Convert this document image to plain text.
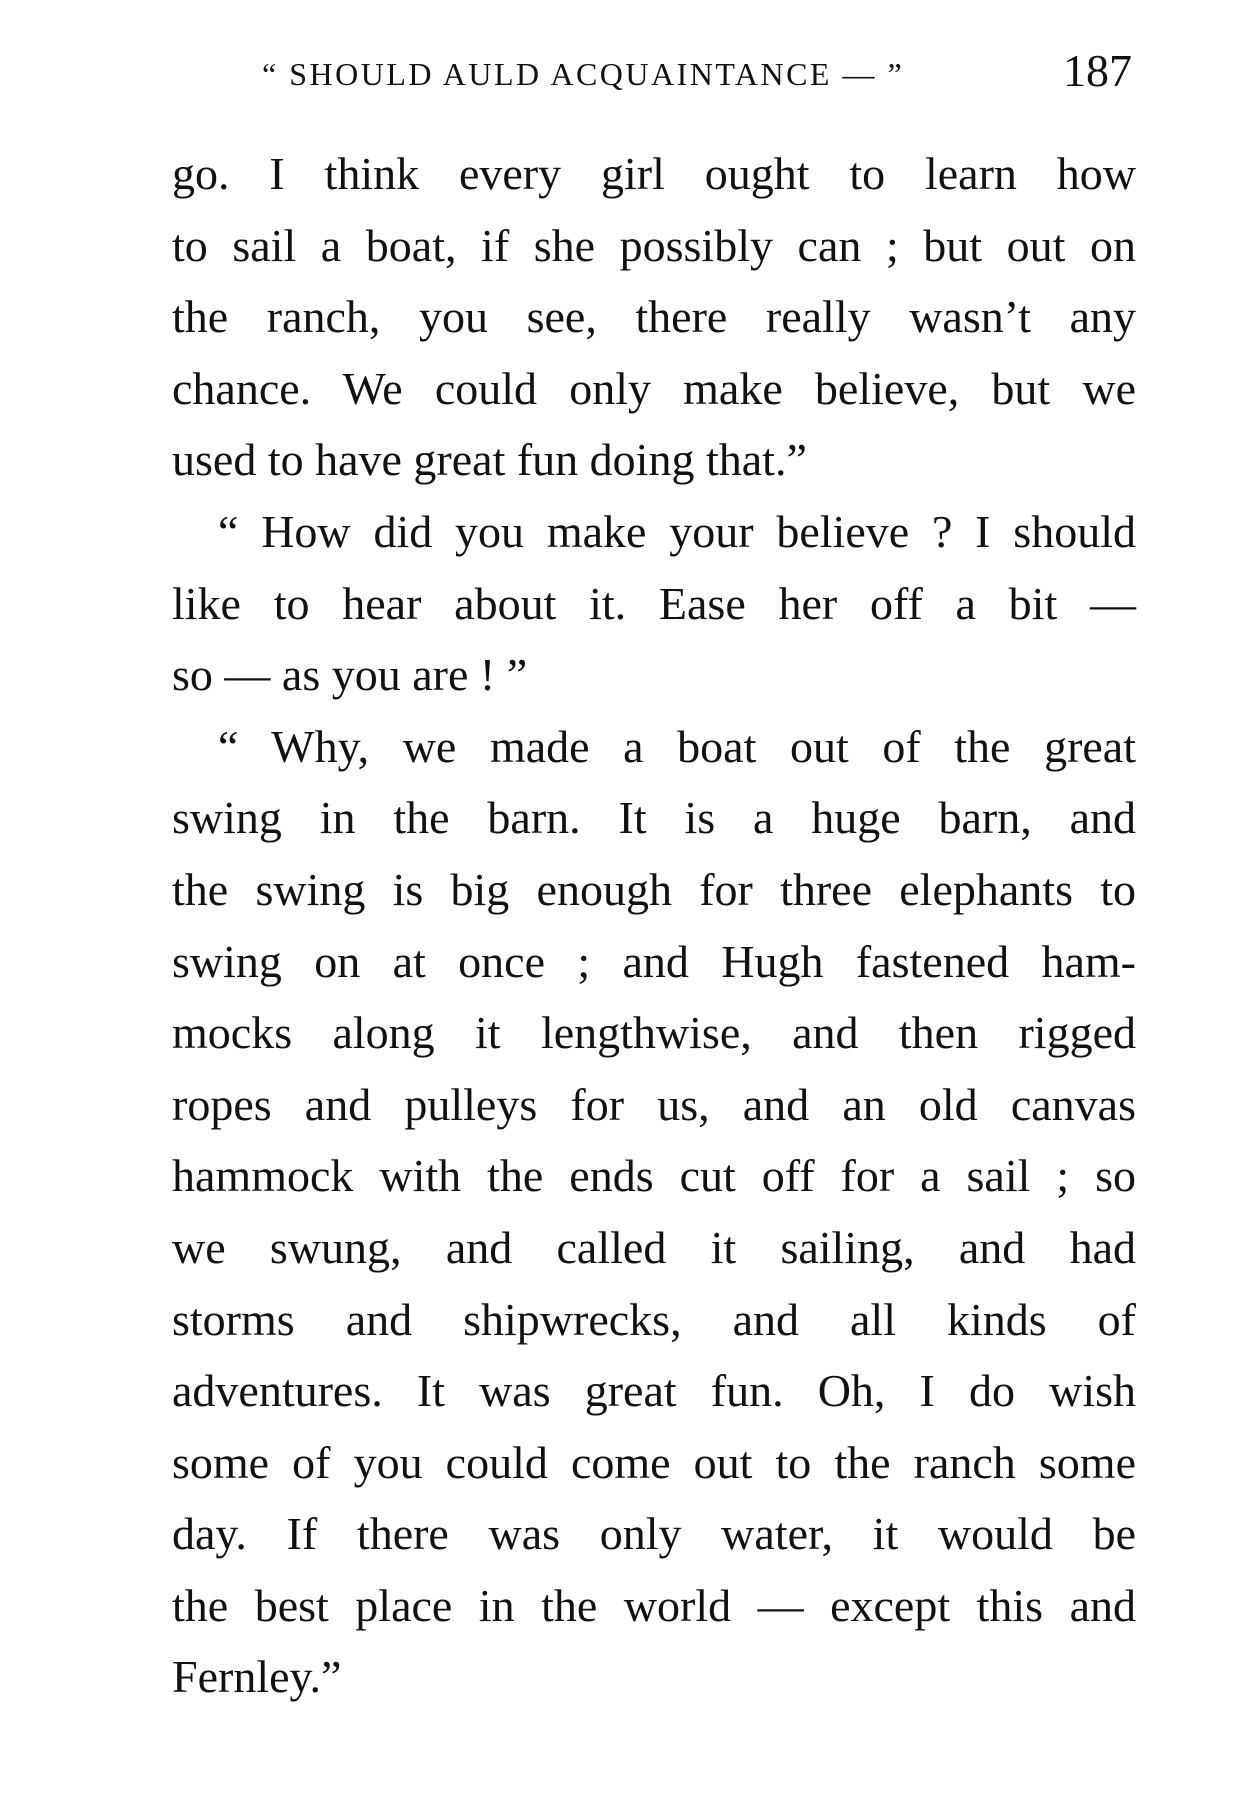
“ SHOULD AULD ACQUAINTANCE — ”	187
go. I think every girl ought to learn how
to sail a boat, if she possibly can ; but out on
the ranch, you see, there really wasn’t any
chance. We could only make believe, but we
used to have great fun doing that.”
“ How did you make your believe ? I should
like to hear about it. Ease her off a bit —
so — as you are ! ”
“ Why, we made a boat out of the great
swing in the barn. It is a huge barn, and
the swing is big enough for three elephants to
swing on at once ; and Hugh fastened ham-
mocks along it lengthwise, and then rigged
ropes and pulleys for us, and an old canvas
hammock with the ends cut off for a sail ; so
we swung, and called it sailing, and had
storms and shipwrecks, and all kinds of
adventures. It was great fun. Oh, I do wish
some of you could come out to the ranch some
day. If there was only water, it would be
the best place in the world — except this and
Fernley.”
